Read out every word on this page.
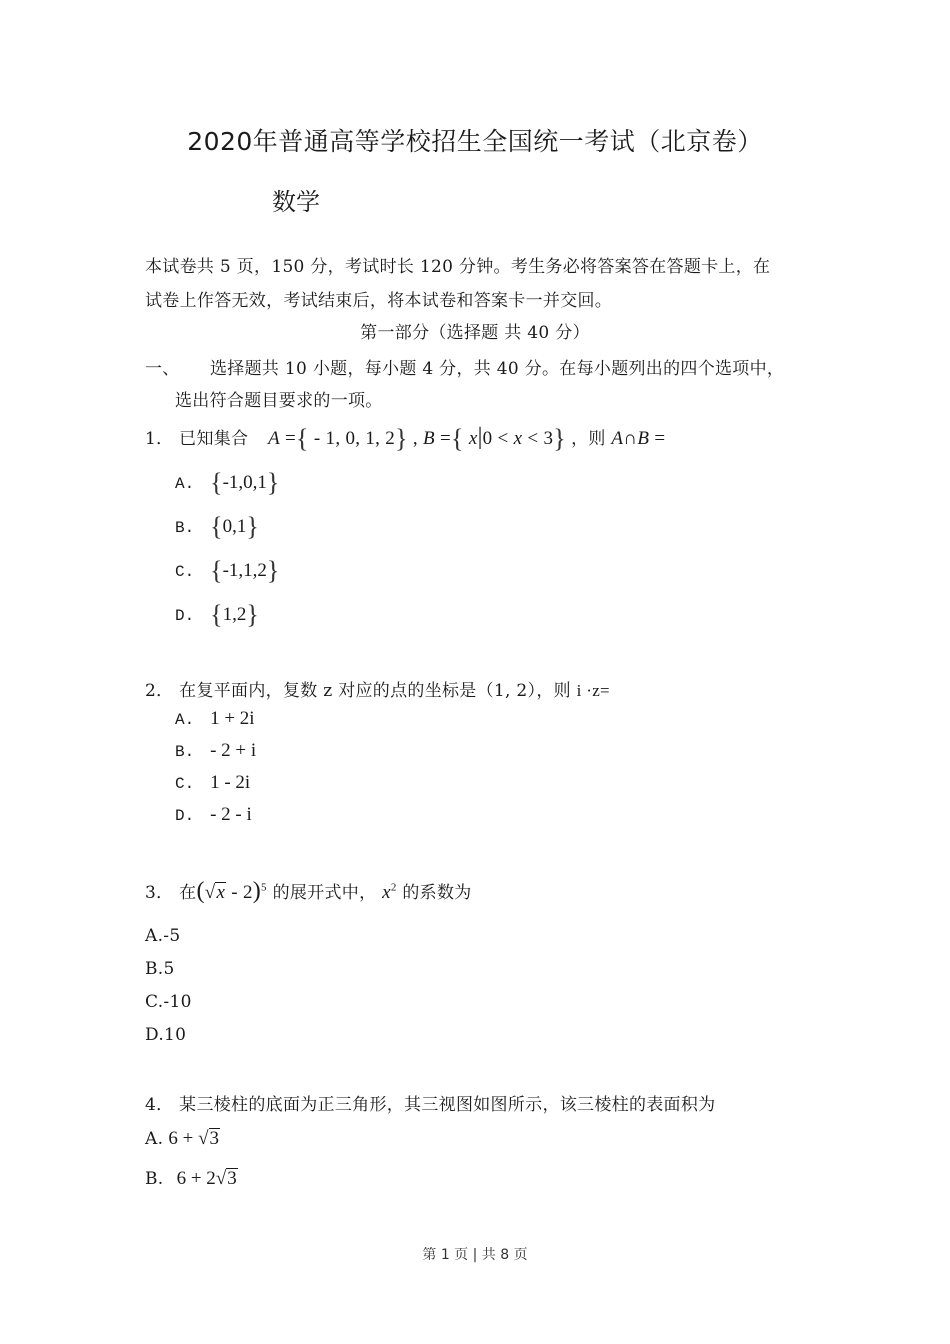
2020年普通高等学校招生全国统一考试（北京卷）
数学
本试卷共 5 页，150 分，考试时长 120 分钟。考生务必将答案答在答题卡上，在
试卷上作答无效，考试结束后，将本试卷和答案卡一并交回。
第一部分（选择题 共 40 分）
一、 选择题共 10 小题，每小题 4 分，共 40 分。在每小题列出的四个选项中，
选出符合题目要求的一项。
1． 已知集合 A ={ - 1, 0, 1, 2} , B ={ x|0 < x < 3} ，则 A∩B =
A. {-1,0,1}
B. {0,1}
C. {-1,1,2}
D. {1,2}
2． 在复平面内，复数 z 对应的点的坐标是（1, 2），则 i ·z=
A. 1 + 2i
B. - 2 + i
C. 1 - 2i
D. - 2 - i
3． 在(√x - 2)$^5$ 的展开式中， $x^2$ 的系数为
A.-5
B.5
C.-10
D.10
4． 某三棱柱的底面为正三角形，其三视图如图所示，该三棱柱的表面积为
A. 6 + √3
B. 6 + 2√3
第 1 页 | 共 8 页
